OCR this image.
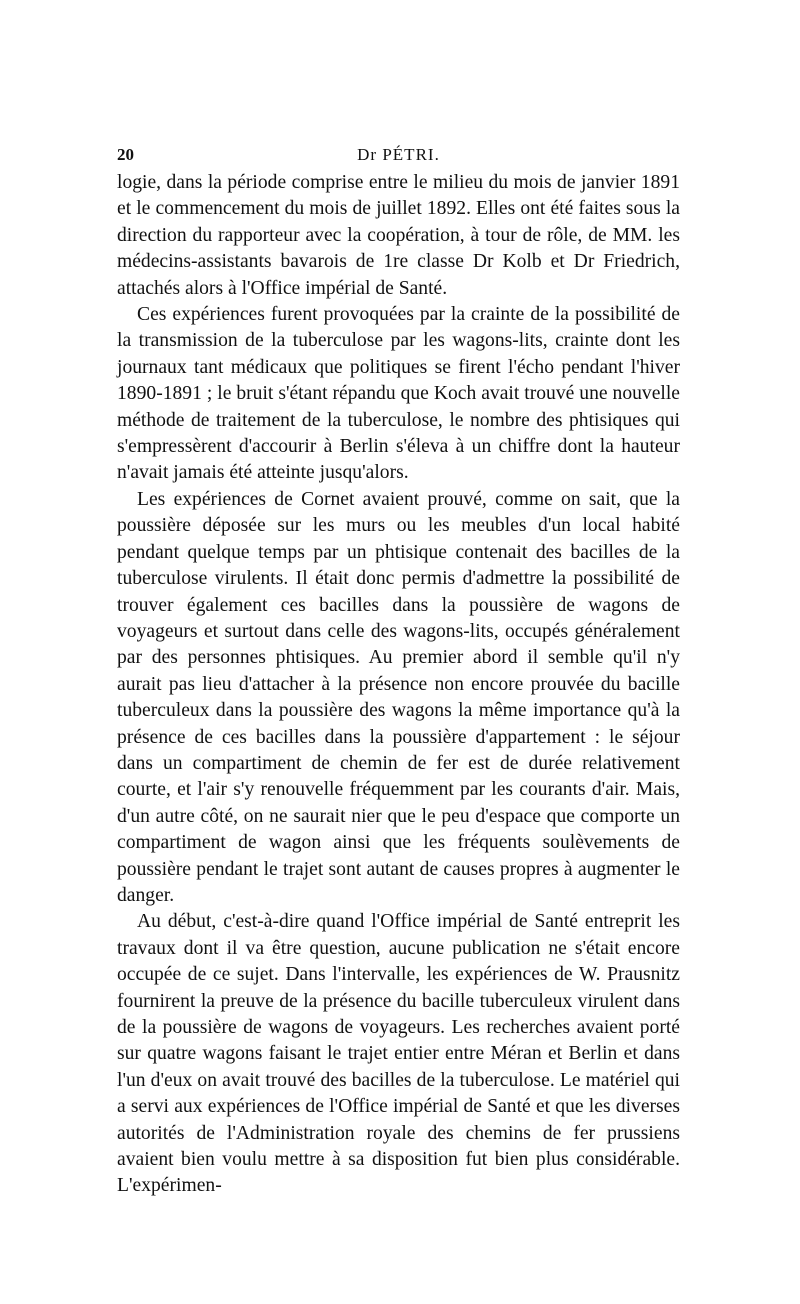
20	Dr PÉTRI.

logie, dans la période comprise entre le milieu du mois de janvier 1891 et le commencement du mois de juillet 1892. Elles ont été faites sous la direction du rapporteur avec la coopération, à tour de rôle, de MM. les médecins-assistants bavarois de 1re classe Dr Kolb et Dr Friedrich, attachés alors à l'Office impérial de Santé.

Ces expériences furent provoquées par la crainte de la possibilité de la transmission de la tuberculose par les wagons-lits, crainte dont les journaux tant médicaux que politiques se firent l'écho pendant l'hiver 1890-1891 ; le bruit s'étant répandu que Koch avait trouvé une nouvelle méthode de traitement de la tuberculose, le nombre des phtisiques qui s'empressèrent d'accourir à Berlin s'éleva à un chiffre dont la hauteur n'avait jamais été atteinte jusqu'alors.

Les expériences de Cornet avaient prouvé, comme on sait, que la poussière déposée sur les murs ou les meubles d'un local habité pendant quelque temps par un phtisique contenait des bacilles de la tuberculose virulents. Il était donc permis d'admettre la possibilité de trouver également ces bacilles dans la poussière de wagons de voyageurs et surtout dans celle des wagons-lits, occupés généralement par des personnes phtisiques. Au premier abord il semble qu'il n'y aurait pas lieu d'attacher à la présence non encore prouvée du bacille tuberculeux dans la poussière des wagons la même importance qu'à la présence de ces bacilles dans la poussière d'appartement : le séjour dans un compartiment de chemin de fer est de durée relativement courte, et l'air s'y renouvelle fréquemment par les courants d'air. Mais, d'un autre côté, on ne saurait nier que le peu d'espace que comporte un compartiment de wagon ainsi que les fréquents soulèvements de poussière pendant le trajet sont autant de causes propres à augmenter le danger.

Au début, c'est-à-dire quand l'Office impérial de Santé entreprit les travaux dont il va être question, aucune publication ne s'était encore occupée de ce sujet. Dans l'intervalle, les expériences de W. Prausnitz fournirent la preuve de la présence du bacille tuberculeux virulent dans de la poussière de wagons de voyageurs. Les recherches avaient porté sur quatre wagons faisant le trajet entier entre Méran et Berlin et dans l'un d'eux on avait trouvé des bacilles de la tuberculose. Le matériel qui a servi aux expériences de l'Office impérial de Santé et que les diverses autorités de l'Administration royale des chemins de fer prussiens avaient bien voulu mettre à sa disposition fut bien plus considérable. L'expérimen-
